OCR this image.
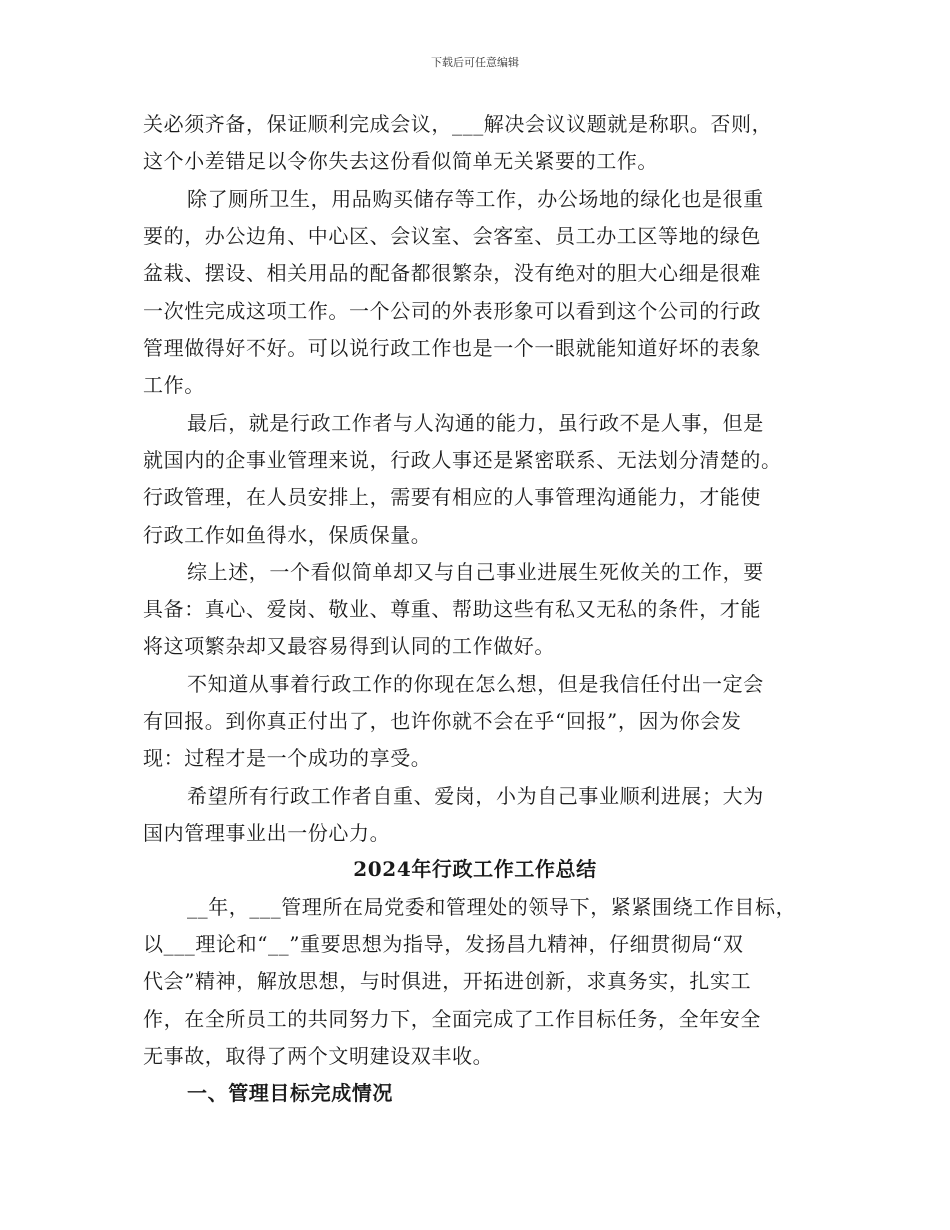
下载后可任意编辑
关必须齐备，保证顺利完成会议，___解决会议议题就是称职。否则，
这个小差错足以令你失去这份看似简单无关紧要的工作。
除了厕所卫生，用品购买储存等工作，办公场地的绿化也是很重
要的，办公边角、中心区、会议室、会客室、员工办工区等地的绿色
盆栽、摆设、相关用品的配备都很繁杂，没有绝对的胆大心细是很难
一次性完成这项工作。一个公司的外表形象可以看到这个公司的行政
管理做得好不好。可以说行政工作也是一个一眼就能知道好坏的表象
工作。
最后，就是行政工作者与人沟通的能力，虽行政不是人事，但是
就国内的企事业管理来说，行政人事还是紧密联系、无法划分清楚的。
行政管理，在人员安排上，需要有相应的人事管理沟通能力，才能使
行政工作如鱼得水，保质保量。
综上述，一个看似简单却又与自己事业进展生死攸关的工作，要
具备：真心、爱岗、敬业、尊重、帮助这些有私又无私的条件，才能
将这项繁杂却又最容易得到认同的工作做好。
不知道从事着行政工作的你现在怎么想，但是我信任付出一定会
有回报。到你真正付出了，也许你就不会在乎“回报”，因为你会发
现：过程才是一个成功的享受。
希望所有行政工作者自重、爱岗，小为自己事业顺利进展；大为
国内管理事业出一份心力。
2024年行政工作工作总结
__年，___管理所在局党委和管理处的领导下，紧紧围绕工作目标，
以___理论和“__”重要思想为指导，发扬昌九精神，仔细贯彻局“双
代会”精神，解放思想，与时俱进，开拓进创新，求真务实，扎实工
作，在全所员工的共同努力下，全面完成了工作目标任务，全年安全
无事故，取得了两个文明建设双丰收。
一、管理目标完成情况
